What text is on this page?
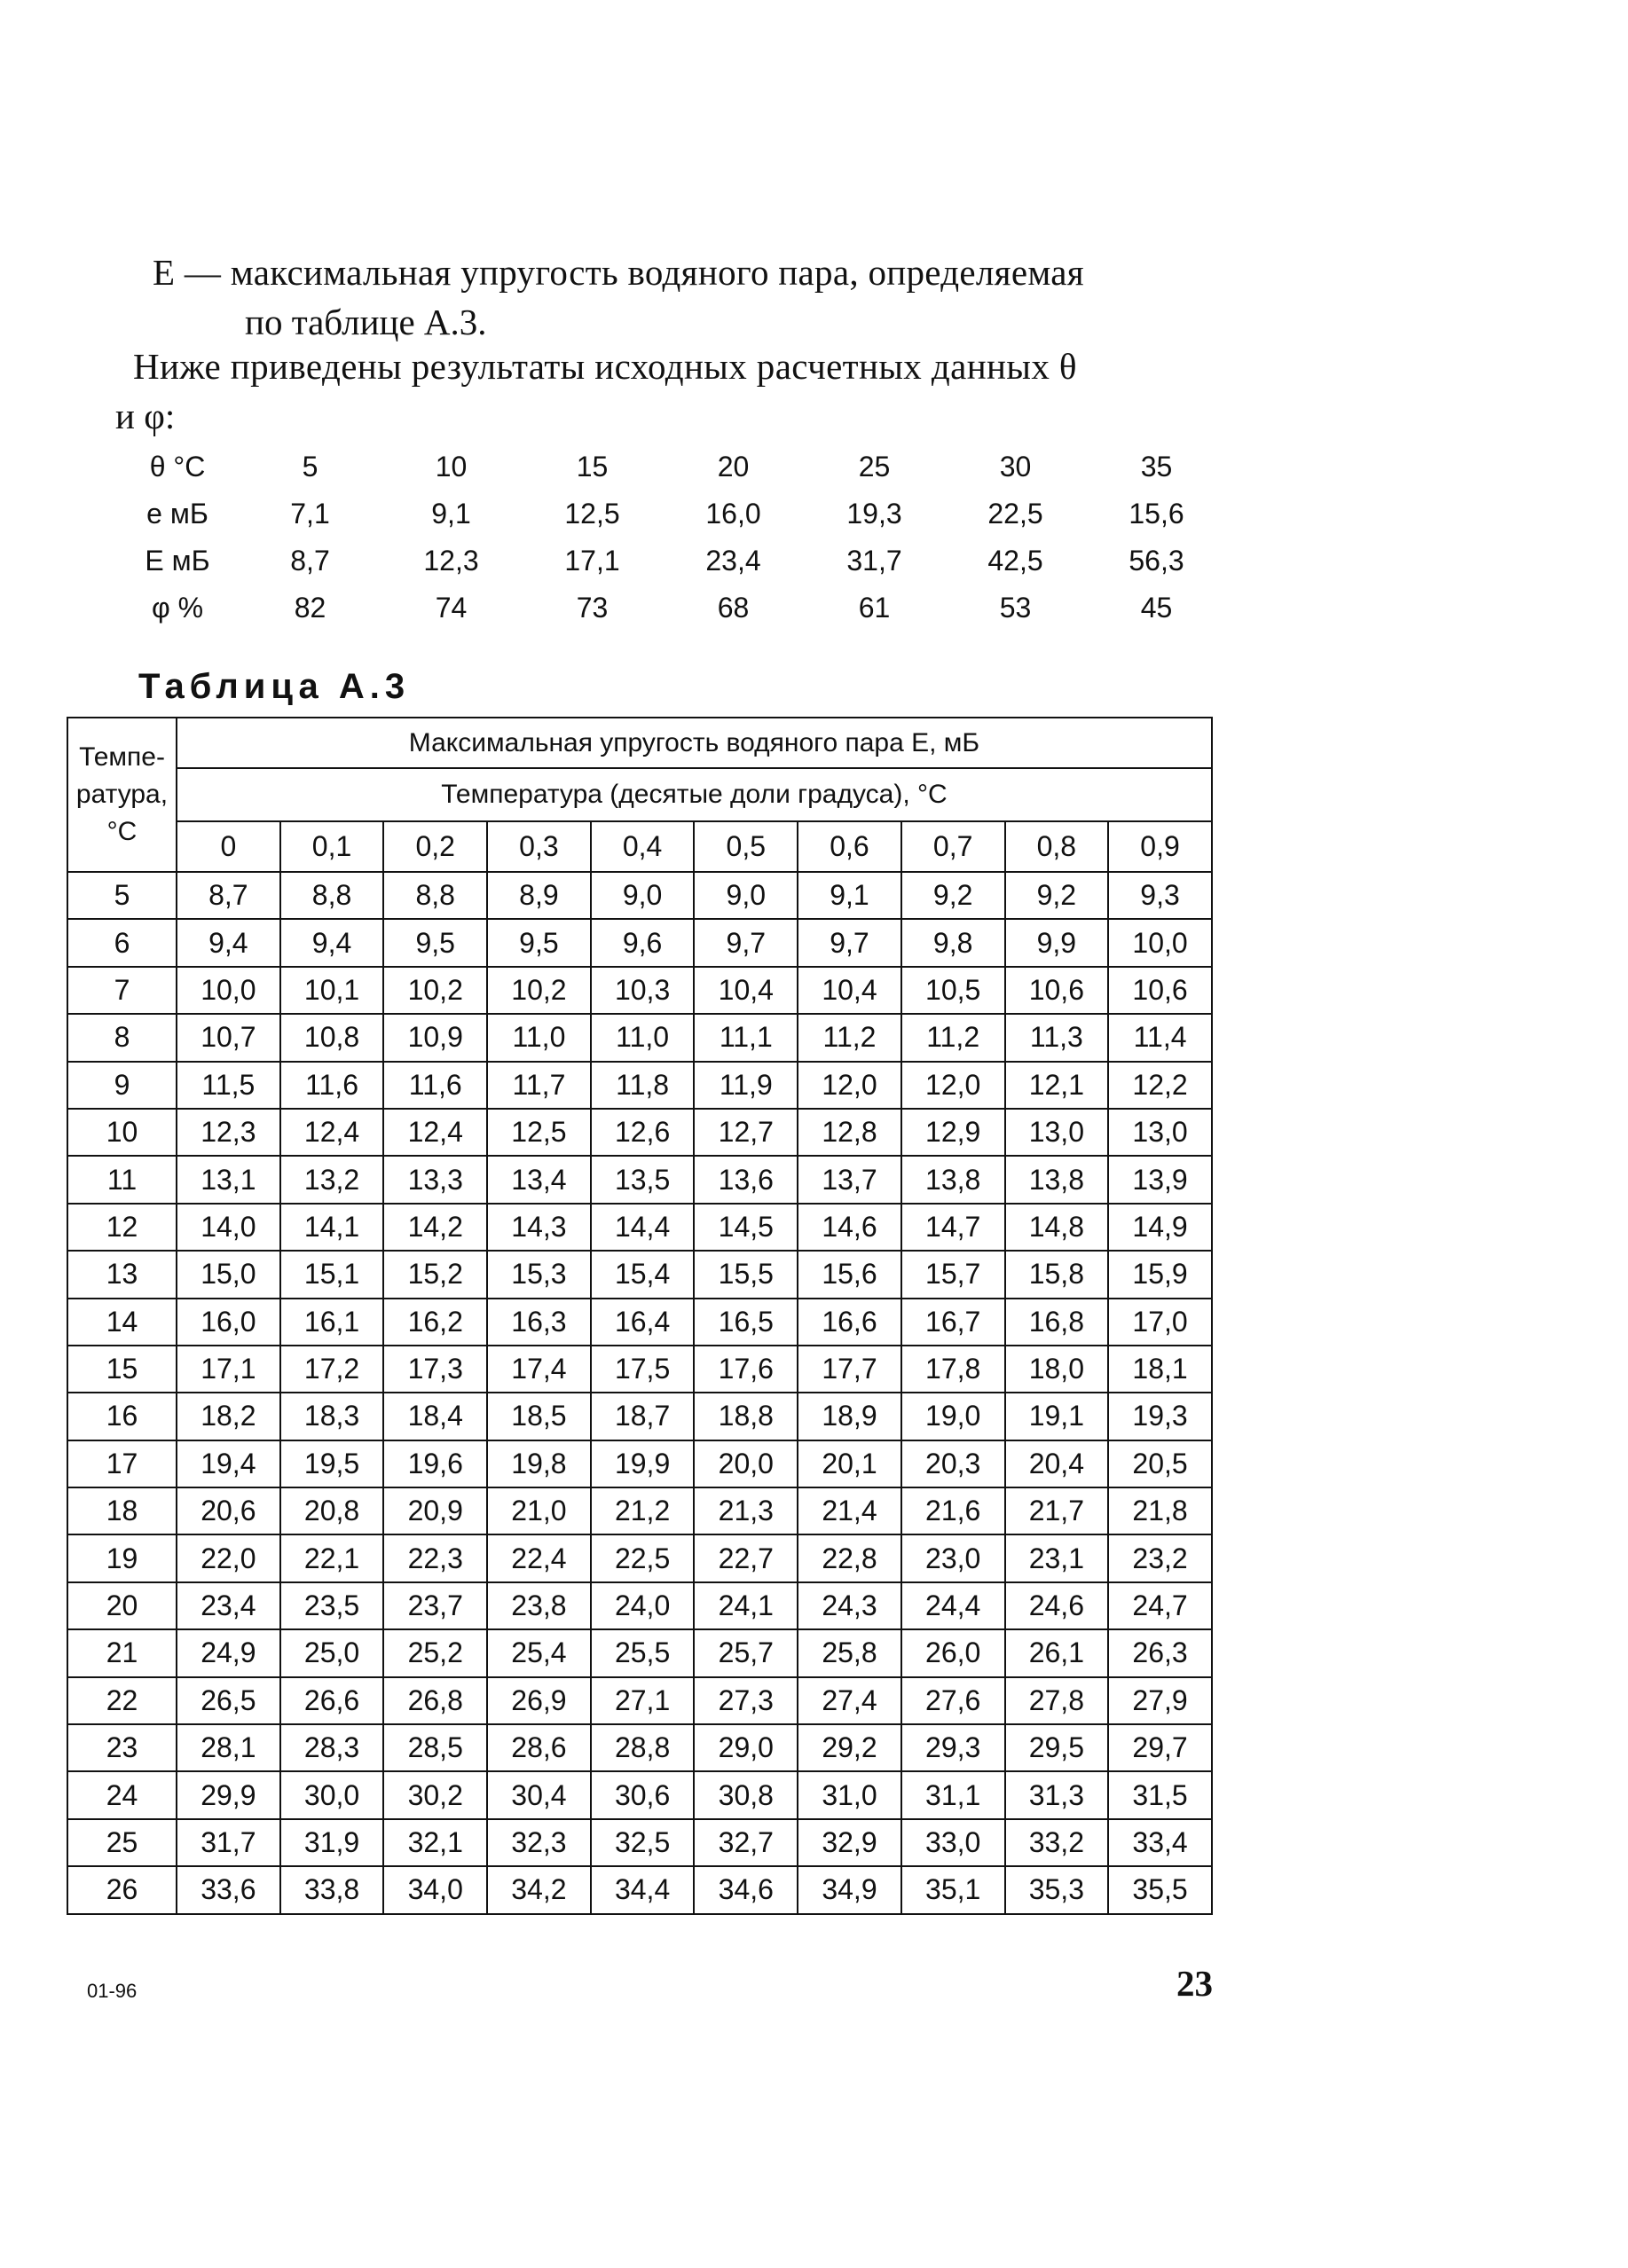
E — максимальная упругость водяного пара, определяемая
по таблице А.3.
Ниже приведены результаты исходных расчетных данных θ
и φ:
θ °C	5	10	15	20	25	30	35
е мБ	7,1	9,1	12,5	16,0	19,3	22,5	15,6
Е мБ	8,7	12,3	17,1	23,4	31,7	42,5	56,3
φ %	82	74	73	68	61	53	45
Таблица А.3
Темпе-ратура, °С	Максимальная упругость водяного пара Е, мБ									
	Температура (десятые доли градуса), °С									
	0	0,1	0,2	0,3	0,4	0,5	0,6	0,7	0,8	0,9
5	8,7	8,8	8,8	8,9	9,0	9,0	9,1	9,2	9,2	9,3
6	9,4	9,4	9,5	9,5	9,6	9,7	9,7	9,8	9,9	10,0
7	10,0	10,1	10,2	10,2	10,3	10,4	10,4	10,5	10,6	10,6
8	10,7	10,8	10,9	11,0	11,0	11,1	11,2	11,2	11,3	11,4
9	11,5	11,6	11,6	11,7	11,8	11,9	12,0	12,0	12,1	12,2
10	12,3	12,4	12,4	12,5	12,6	12,7	12,8	12,9	13,0	13,0
11	13,1	13,2	13,3	13,4	13,5	13,6	13,7	13,8	13,8	13,9
12	14,0	14,1	14,2	14,3	14,4	14,5	14,6	14,7	14,8	14,9
13	15,0	15,1	15,2	15,3	15,4	15,5	15,6	15,7	15,8	15,9
14	16,0	16,1	16,2	16,3	16,4	16,5	16,6	16,7	16,8	17,0
15	17,1	17,2	17,3	17,4	17,5	17,6	17,7	17,8	18,0	18,1
16	18,2	18,3	18,4	18,5	18,7	18,8	18,9	19,0	19,1	19,3
17	19,4	19,5	19,6	19,8	19,9	20,0	20,1	20,3	20,4	20,5
18	20,6	20,8	20,9	21,0	21,2	21,3	21,4	21,6	21,7	21,8
19	22,0	22,1	22,3	22,4	22,5	22,7	22,8	23,0	23,1	23,2
20	23,4	23,5	23,7	23,8	24,0	24,1	24,3	24,4	24,6	24,7
21	24,9	25,0	25,2	25,4	25,5	25,7	25,8	26,0	26,1	26,3
22	26,5	26,6	26,8	26,9	27,1	27,3	27,4	27,6	27,8	27,9
23	28,1	28,3	28,5	28,6	28,8	29,0	29,2	29,3	29,5	29,7
24	29,9	30,0	30,2	30,4	30,6	30,8	31,0	31,1	31,3	31,5
25	31,7	31,9	32,1	32,3	32,5	32,7	32,9	33,0	33,2	33,4
26	33,6	33,8	34,0	34,2	34,4	34,6	34,9	35,1	35,3	35,5
01-96	23
